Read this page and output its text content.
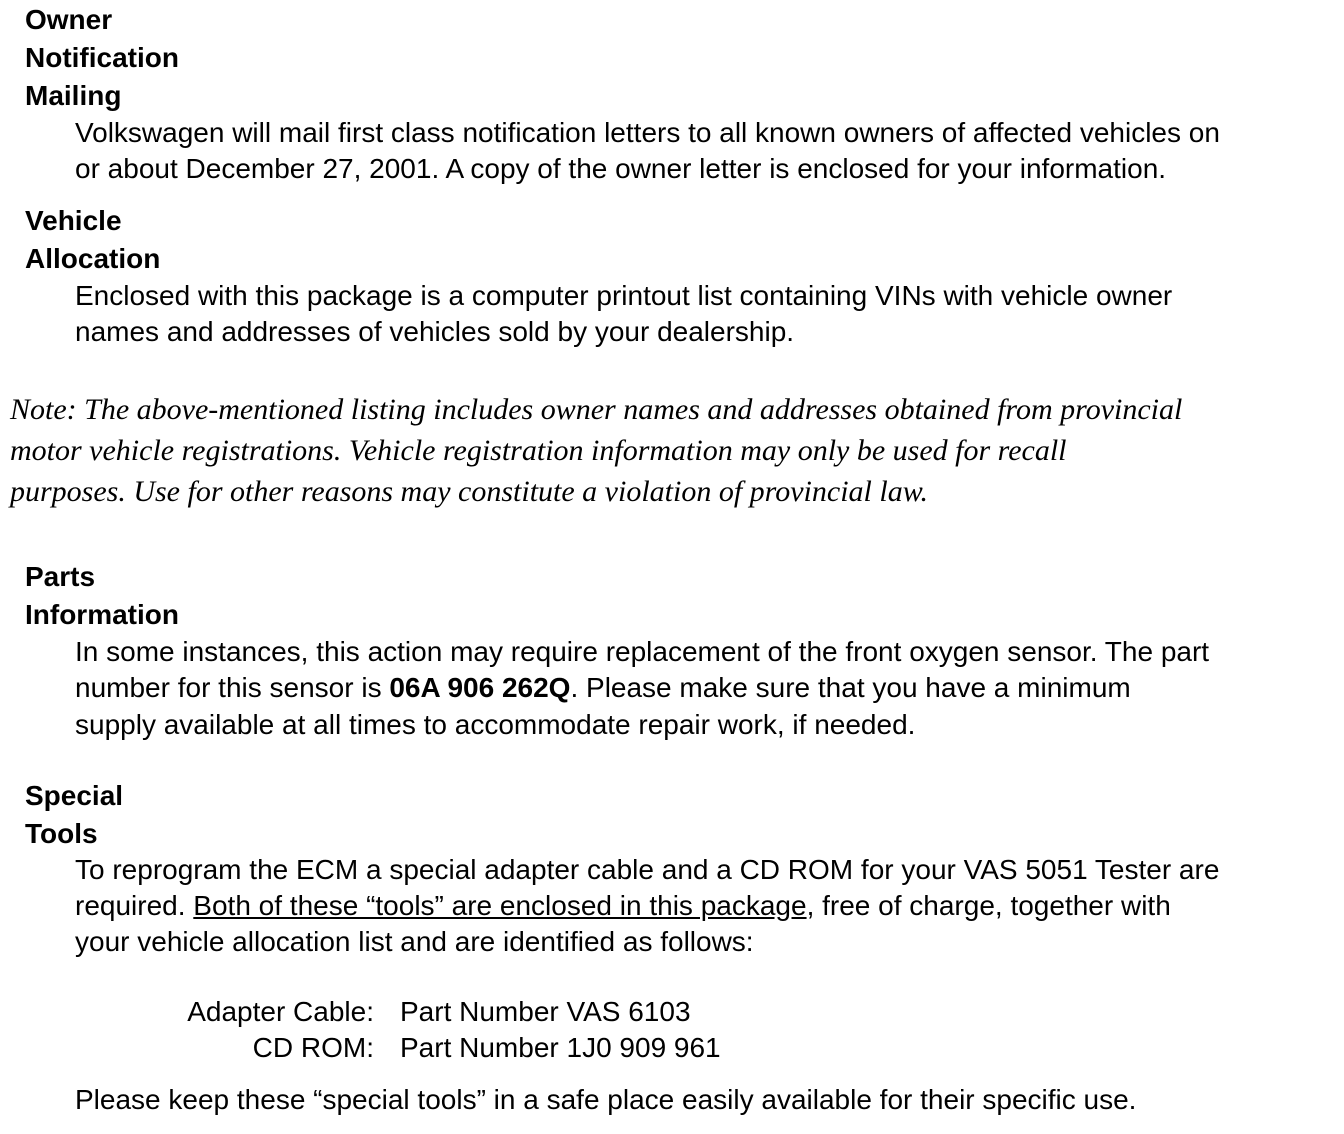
Owner
Notification
Mailing
Volkswagen will mail first class notification letters to all known owners of affected vehicles on
or about December 27, 2001. A copy of the owner letter is enclosed for your information.
Vehicle
Allocation
Enclosed with this package is a computer printout list containing VINs with vehicle owner
names and addresses of vehicles sold by your dealership.
Note: The above-mentioned listing includes owner names and addresses obtained from provincial
motor vehicle registrations. Vehicle registration information may only be used for recall
purposes. Use for other reasons may constitute a violation of provincial law.
Parts
Information
In some instances, this action may require replacement of the front oxygen sensor. The part
number for this sensor is 06A 906 262Q. Please make sure that you have a minimum
supply available at all times to accommodate repair work, if needed.
Special
Tools
To reprogram the ECM a special adapter cable and a CD ROM for your VAS 5051 Tester are
required. Both of these “tools” are enclosed in this package, free of charge, together with
your vehicle allocation list and are identified as follows:
Adapter Cable: Part Number VAS 6103
CD ROM: Part Number 1J0 909 961
Please keep these “special tools” in a safe place easily available for their specific use.
